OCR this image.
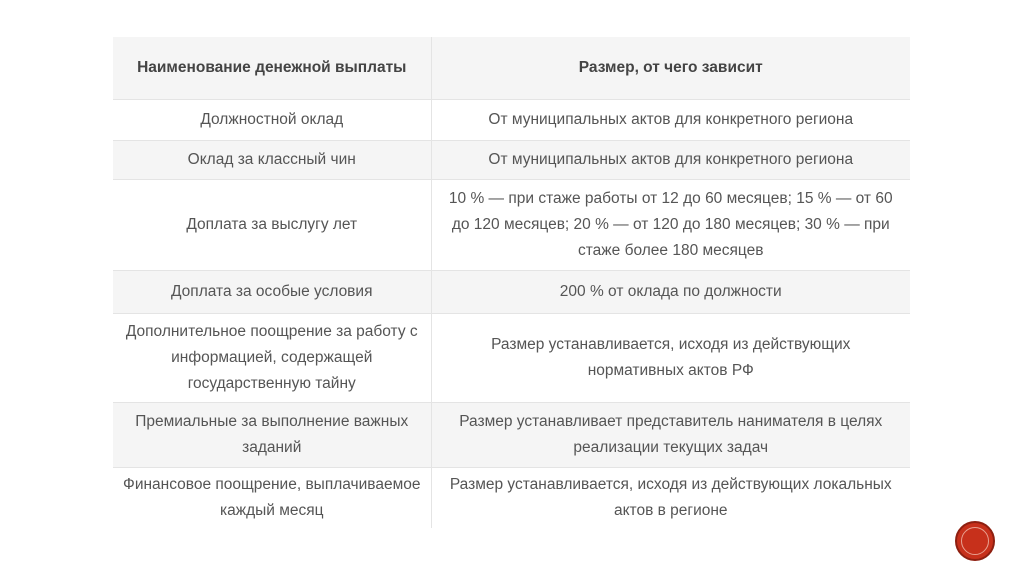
Наименование денежной выплаты	Размер, от чего зависит
Должностной оклад	От муниципальных актов для конкретного региона
Оклад за классный чин	От муниципальных актов для конкретного региона
Доплата за выслугу лет	10 % — при стаже работы от 12 до 60 месяцев; 15 % — от 60 до 120 месяцев; 20 % — от 120 до 180 месяцев; 30 % — при стаже более 180 месяцев
Доплата за особые условия	200 % от оклада по должности
Дополнительное поощрение за работу с информацией, содержащей государственную тайну	Размер устанавливается, исходя из действующих нормативных актов РФ
Премиальные за выполнение важных заданий	Размер устанавливает представитель нанимателя в целях реализации текущих задач
Финансовое поощрение, выплачиваемое каждый месяц	Размер устанавливается, исходя из действующих локальных актов в регионе
